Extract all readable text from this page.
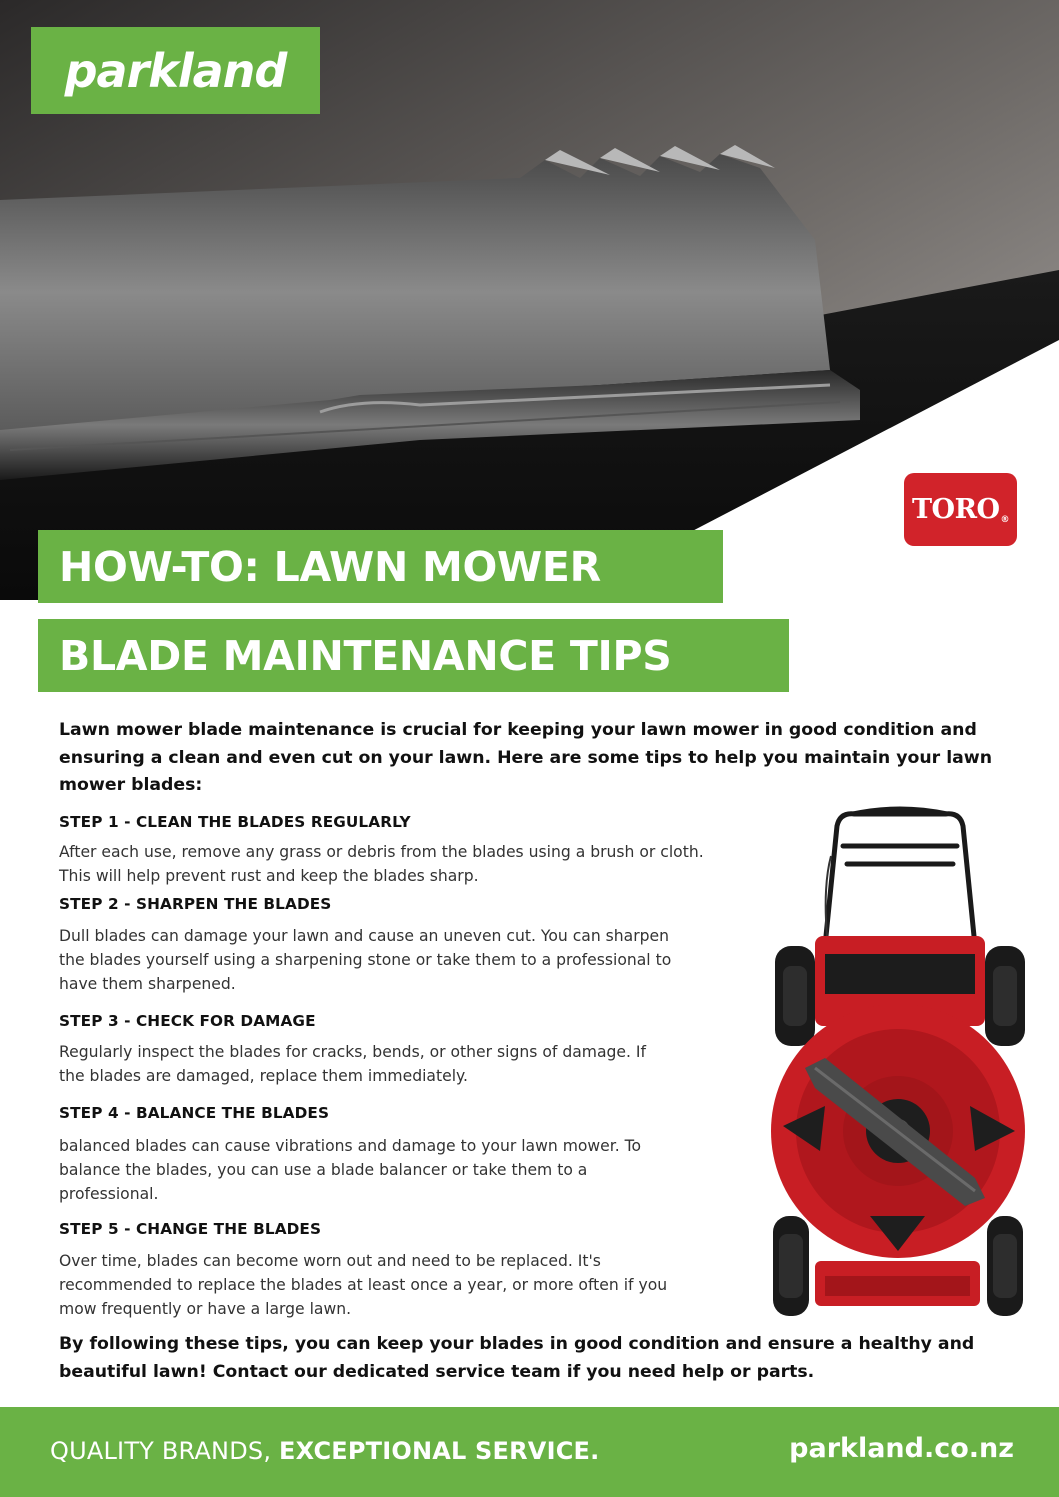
parkland
TORO ®
HOW-TO: LAWN MOWER
BLADE MAINTENANCE TIPS
Lawn mower blade maintenance is crucial for keeping your lawn mower in good condition and ensuring a clean and even cut on your lawn. Here are some tips to help you maintain your lawn mower blades:
STEP 1 - CLEAN THE BLADES REGULARLY
After each use, remove any grass or debris from the blades using a brush or cloth.
This will help prevent rust and keep the blades sharp.
STEP 2 - SHARPEN THE BLADES
Dull blades can damage your lawn and cause an uneven cut. You can sharpen
the blades yourself using a sharpening stone or take them to a professional to
have them sharpened.
STEP 3 - CHECK FOR DAMAGE
Regularly inspect the blades for cracks, bends, or other signs of damage. If
the blades are damaged, replace them immediately.
STEP 4 - BALANCE THE BLADES
balanced blades can cause vibrations and damage to your lawn mower. To
balance the blades, you can use a blade balancer or take them to a
professional.
STEP 5 - CHANGE THE BLADES
Over time, blades can become worn out and need to be replaced. It's
recommended to replace the blades at least once a year, or more often if you
mow frequently or have a large lawn.
By following these tips, you can keep your blades in good condition and ensure a healthy and beautiful lawn! Contact our dedicated service team if you need help or parts.
QUALITY BRANDS, EXCEPTIONAL SERVICE.	parkland.co.nz
